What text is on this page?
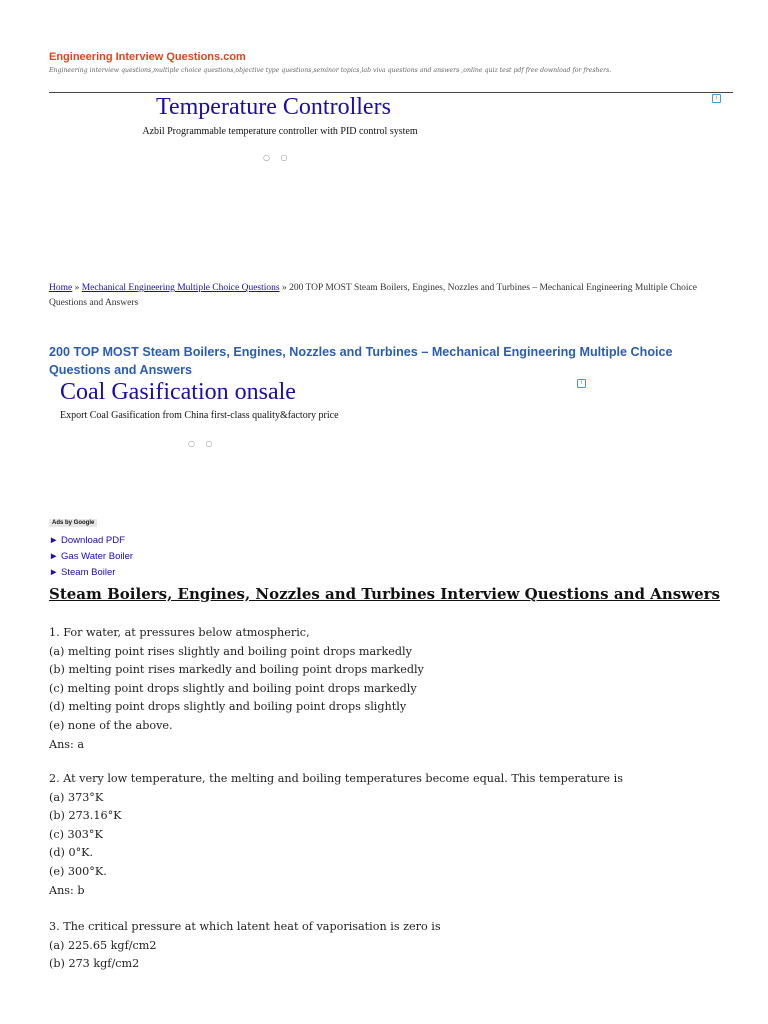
Engineering Interview Questions.com
Engineering interview questions,multiple choice questions,objective type questions,seminor topics,lab viva questions and answers ,online quiz test pdf free download for freshers.
i
Temperature Controllers
Azbil Programmable temperature controller with PID control system
○ ○
Home » Mechanical Engineering Multiple Choice Questions » 200 TOP MOST Steam Boilers, Engines, Nozzles and Turbines – Mechanical Engineering Multiple Choice
Questions and Answers
200 TOP MOST Steam Boilers, Engines, Nozzles and Turbines – Mechanical Engineering Multiple Choice
Questions and Answers
i
Coal Gasification onsale
Export Coal Gasification from China first-class quality&factory price
○ ○
Ads by Google
► Download PDF
► Gas Water Boiler
► Steam Boiler
Steam Boilers, Engines, Nozzles and Turbines Interview Questions and Answers
1. For water, at pressures below atmospheric,
(a) melting point rises slightly and boiling point drops markedly
(b) melting point rises markedly and boiling point drops markedly
(c) melting point drops slightly and boiling point drops markedly
(d) melting point drops slightly and boiling point drops slightly
(e) none of the above.
Ans: a
2. At very low temperature, the melting and boiling temperatures become equal. This temperature is
(a) 373°K
(b) 273.16°K
(c) 303°K
(d) 0°K.
(e) 300°K.
Ans: b
3. The critical pressure at which latent heat of vaporisation is zero is
(a) 225.65 kgf/cm2
(b) 273 kgf/cm2
